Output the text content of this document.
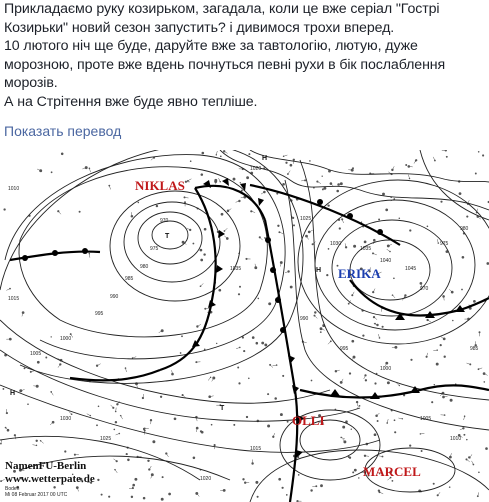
Прикладаємо руку козирьком, загадала, коли це вже серіал "Гострі Козирьки" новий сезон запустить? і дивимося трохи вперед.

10 лютого ніч ще буде, даруйте вже за тавтологію, лютую, дуже морозною, проте вже вдень почнуться певні рухи в бік послаблення морозів.

А на Стрітення вже буде явно тепліше.

Показать перевод
970
975
980
985
990
995
1000
1005
1010
1015
1020
1025
1030
1035
1040
1045
970
975
980
985
990
995
1000
1005
1010
1015
1020
1025
1030
1035
T
H
H
H
T
NIKLAS
ERIKA
OLLI
MARCEL
NamenFU-Berlin
www.wetterpate.de
Boden
Mi 08 Februar 2017 00 UTC
